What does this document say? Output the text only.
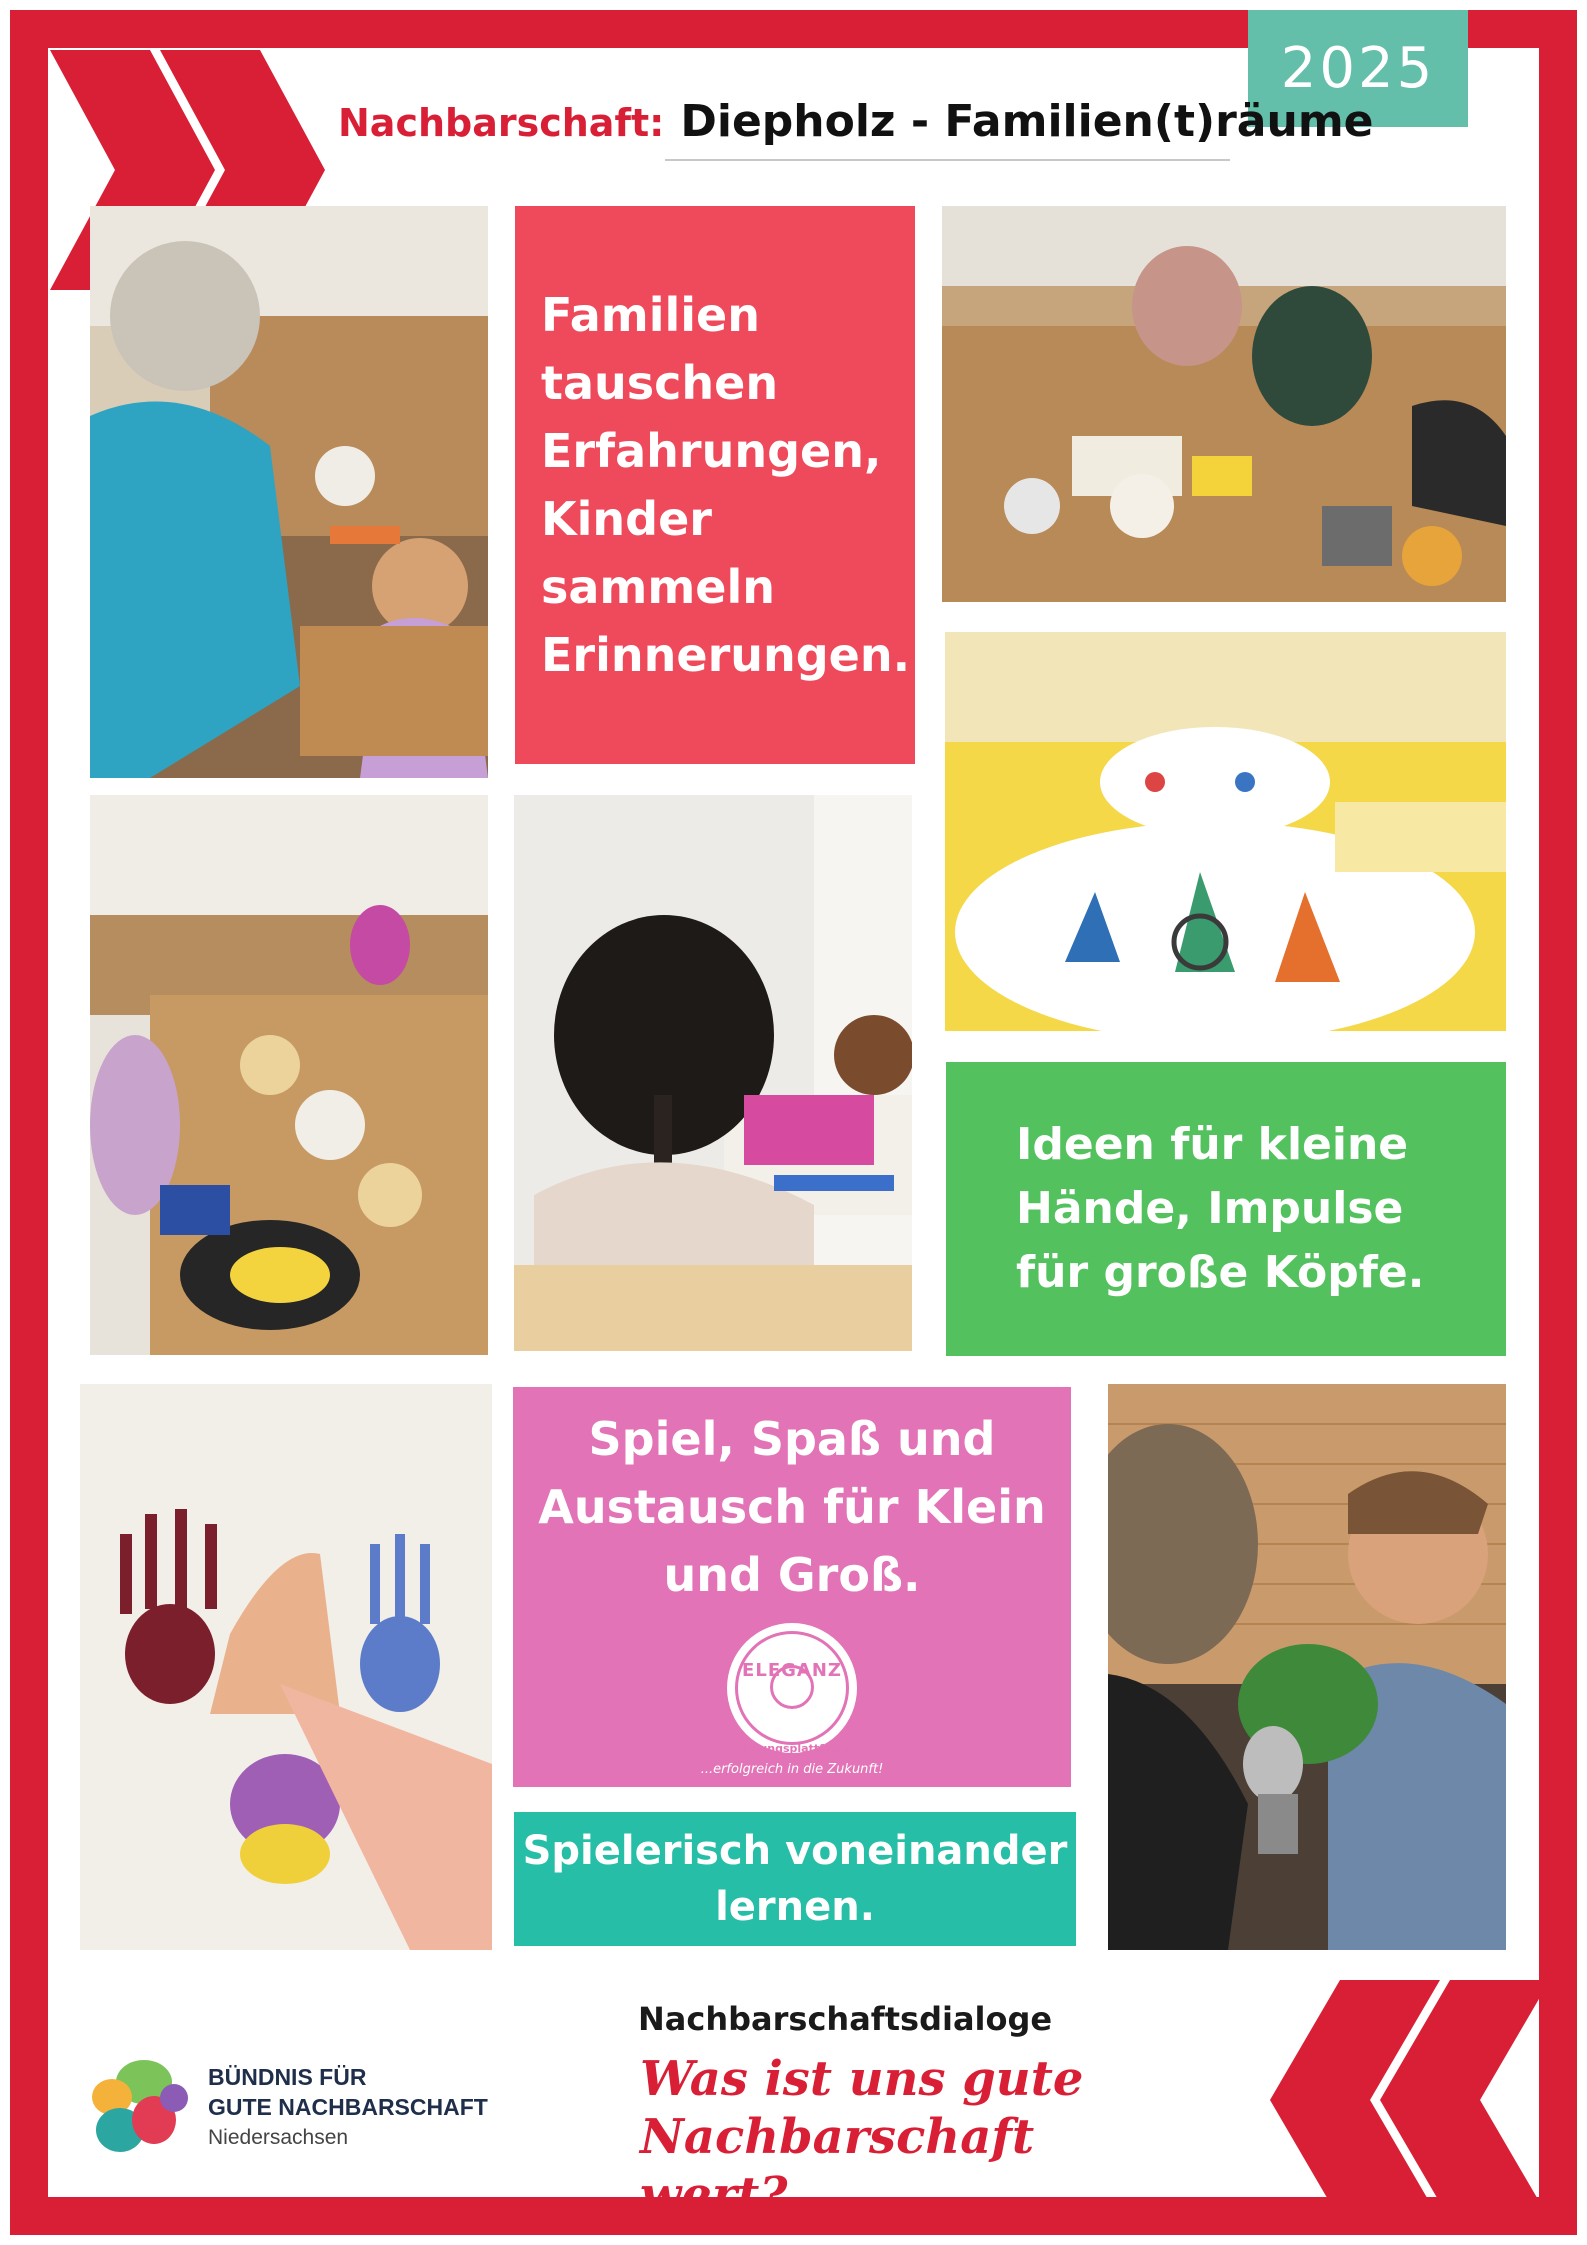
2025
Nachbarschaft: Diepholz - Familien(t)räume
Familien tauschen Erfahrungen, Kinder sammeln Erinnerungen.
Ideen für kleine Hände, Impulse für große Köpfe.
Spiel, Spaß und Austausch für Klein und Groß.
ELEGANZ
Bildungsplattform
...erfolgreich in die Zukunft!
Spielerisch voneinander lernen.
BÜNDNIS FÜR
GUTE NACHBARSCHAFT
Niedersachsen
Nachbarschaftsdialoge
Was ist uns gute Nachbarschaft wert?
